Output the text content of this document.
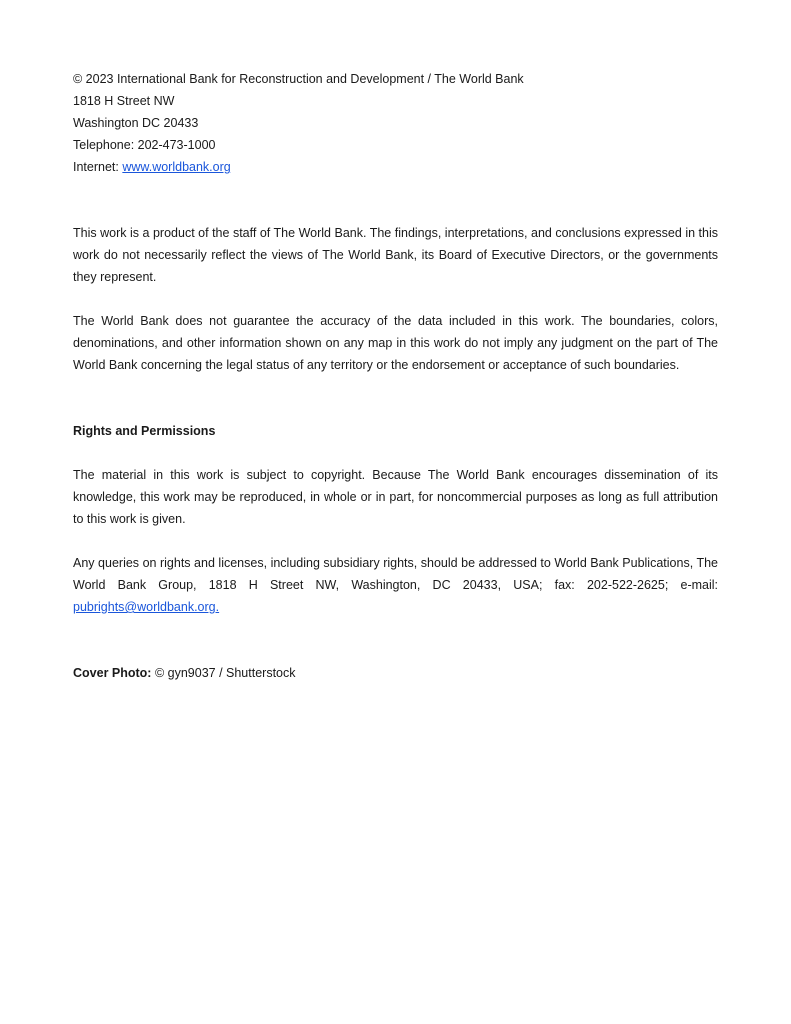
© 2023 International Bank for Reconstruction and Development / The World Bank

1818 H Street NW

Washington DC 20433

Telephone: 202-473-1000

Internet: www.worldbank.org

This work is a product of the staff of The World Bank. The findings, interpretations, and conclusions expressed in this work do not necessarily reflect the views of The World Bank, its Board of Executive Directors, or the governments they represent.

The World Bank does not guarantee the accuracy of the data included in this work. The boundaries, colors, denominations, and other information shown on any map in this work do not imply any judgment on the part of The World Bank concerning the legal status of any territory or the endorsement or acceptance of such boundaries.

Rights and Permissions

The material in this work is subject to copyright. Because The World Bank encourages dissemination of its knowledge, this work may be reproduced, in whole or in part, for noncommercial purposes as long as full attribution to this work is given.

Any queries on rights and licenses, including subsidiary rights, should be addressed to World Bank Publications, The World Bank Group, 1818 H Street NW, Washington, DC 20433, USA; fax: 202-522-2625; e-mail: pubrights@worldbank.org.

Cover Photo: © gyn9037 / Shutterstock
